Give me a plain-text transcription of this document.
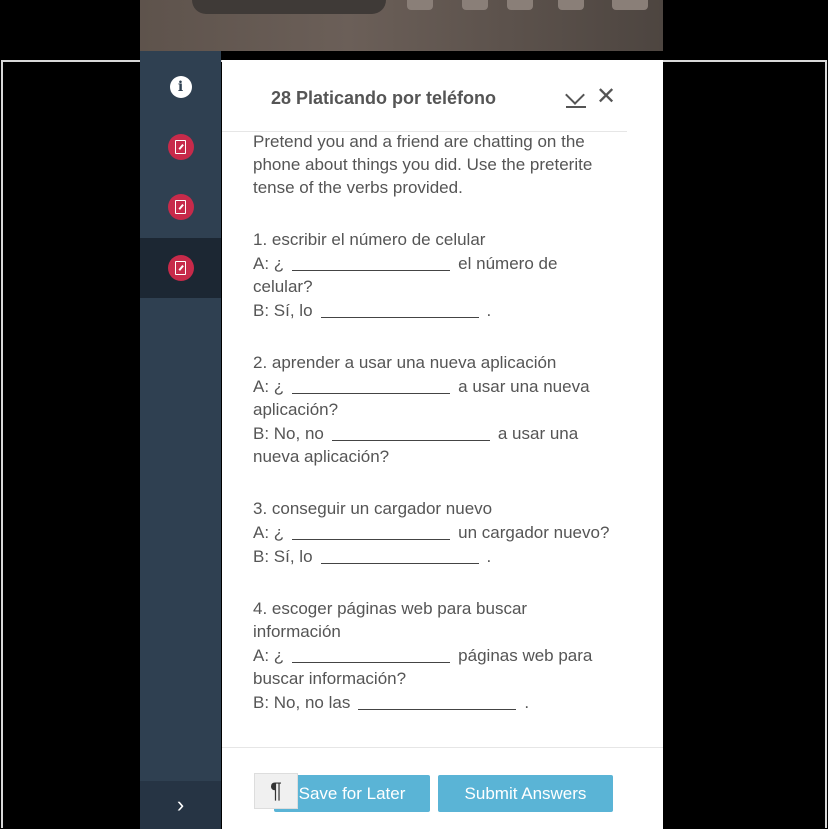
i
›
28 Platicando por teléfono	✕

Pretend you and a friend are chatting on the phone about things you did. Use the preterite tense of the verbs provided.

1. escribir el número de celular

A: ¿	el número de celular?

B: Sí, lo	.

2. aprender a usar una nueva aplicación

A: ¿	a usar una nueva aplicación?

B: No, no	a usar una nueva aplicación?

3. conseguir un cargador nuevo

A: ¿	un cargador nuevo?

B: Sí, lo	.

4. escoger páginas web para buscar información

A: ¿	páginas web para buscar información?

B: No, no las	.

Save for Later	Submit Answers
¶
